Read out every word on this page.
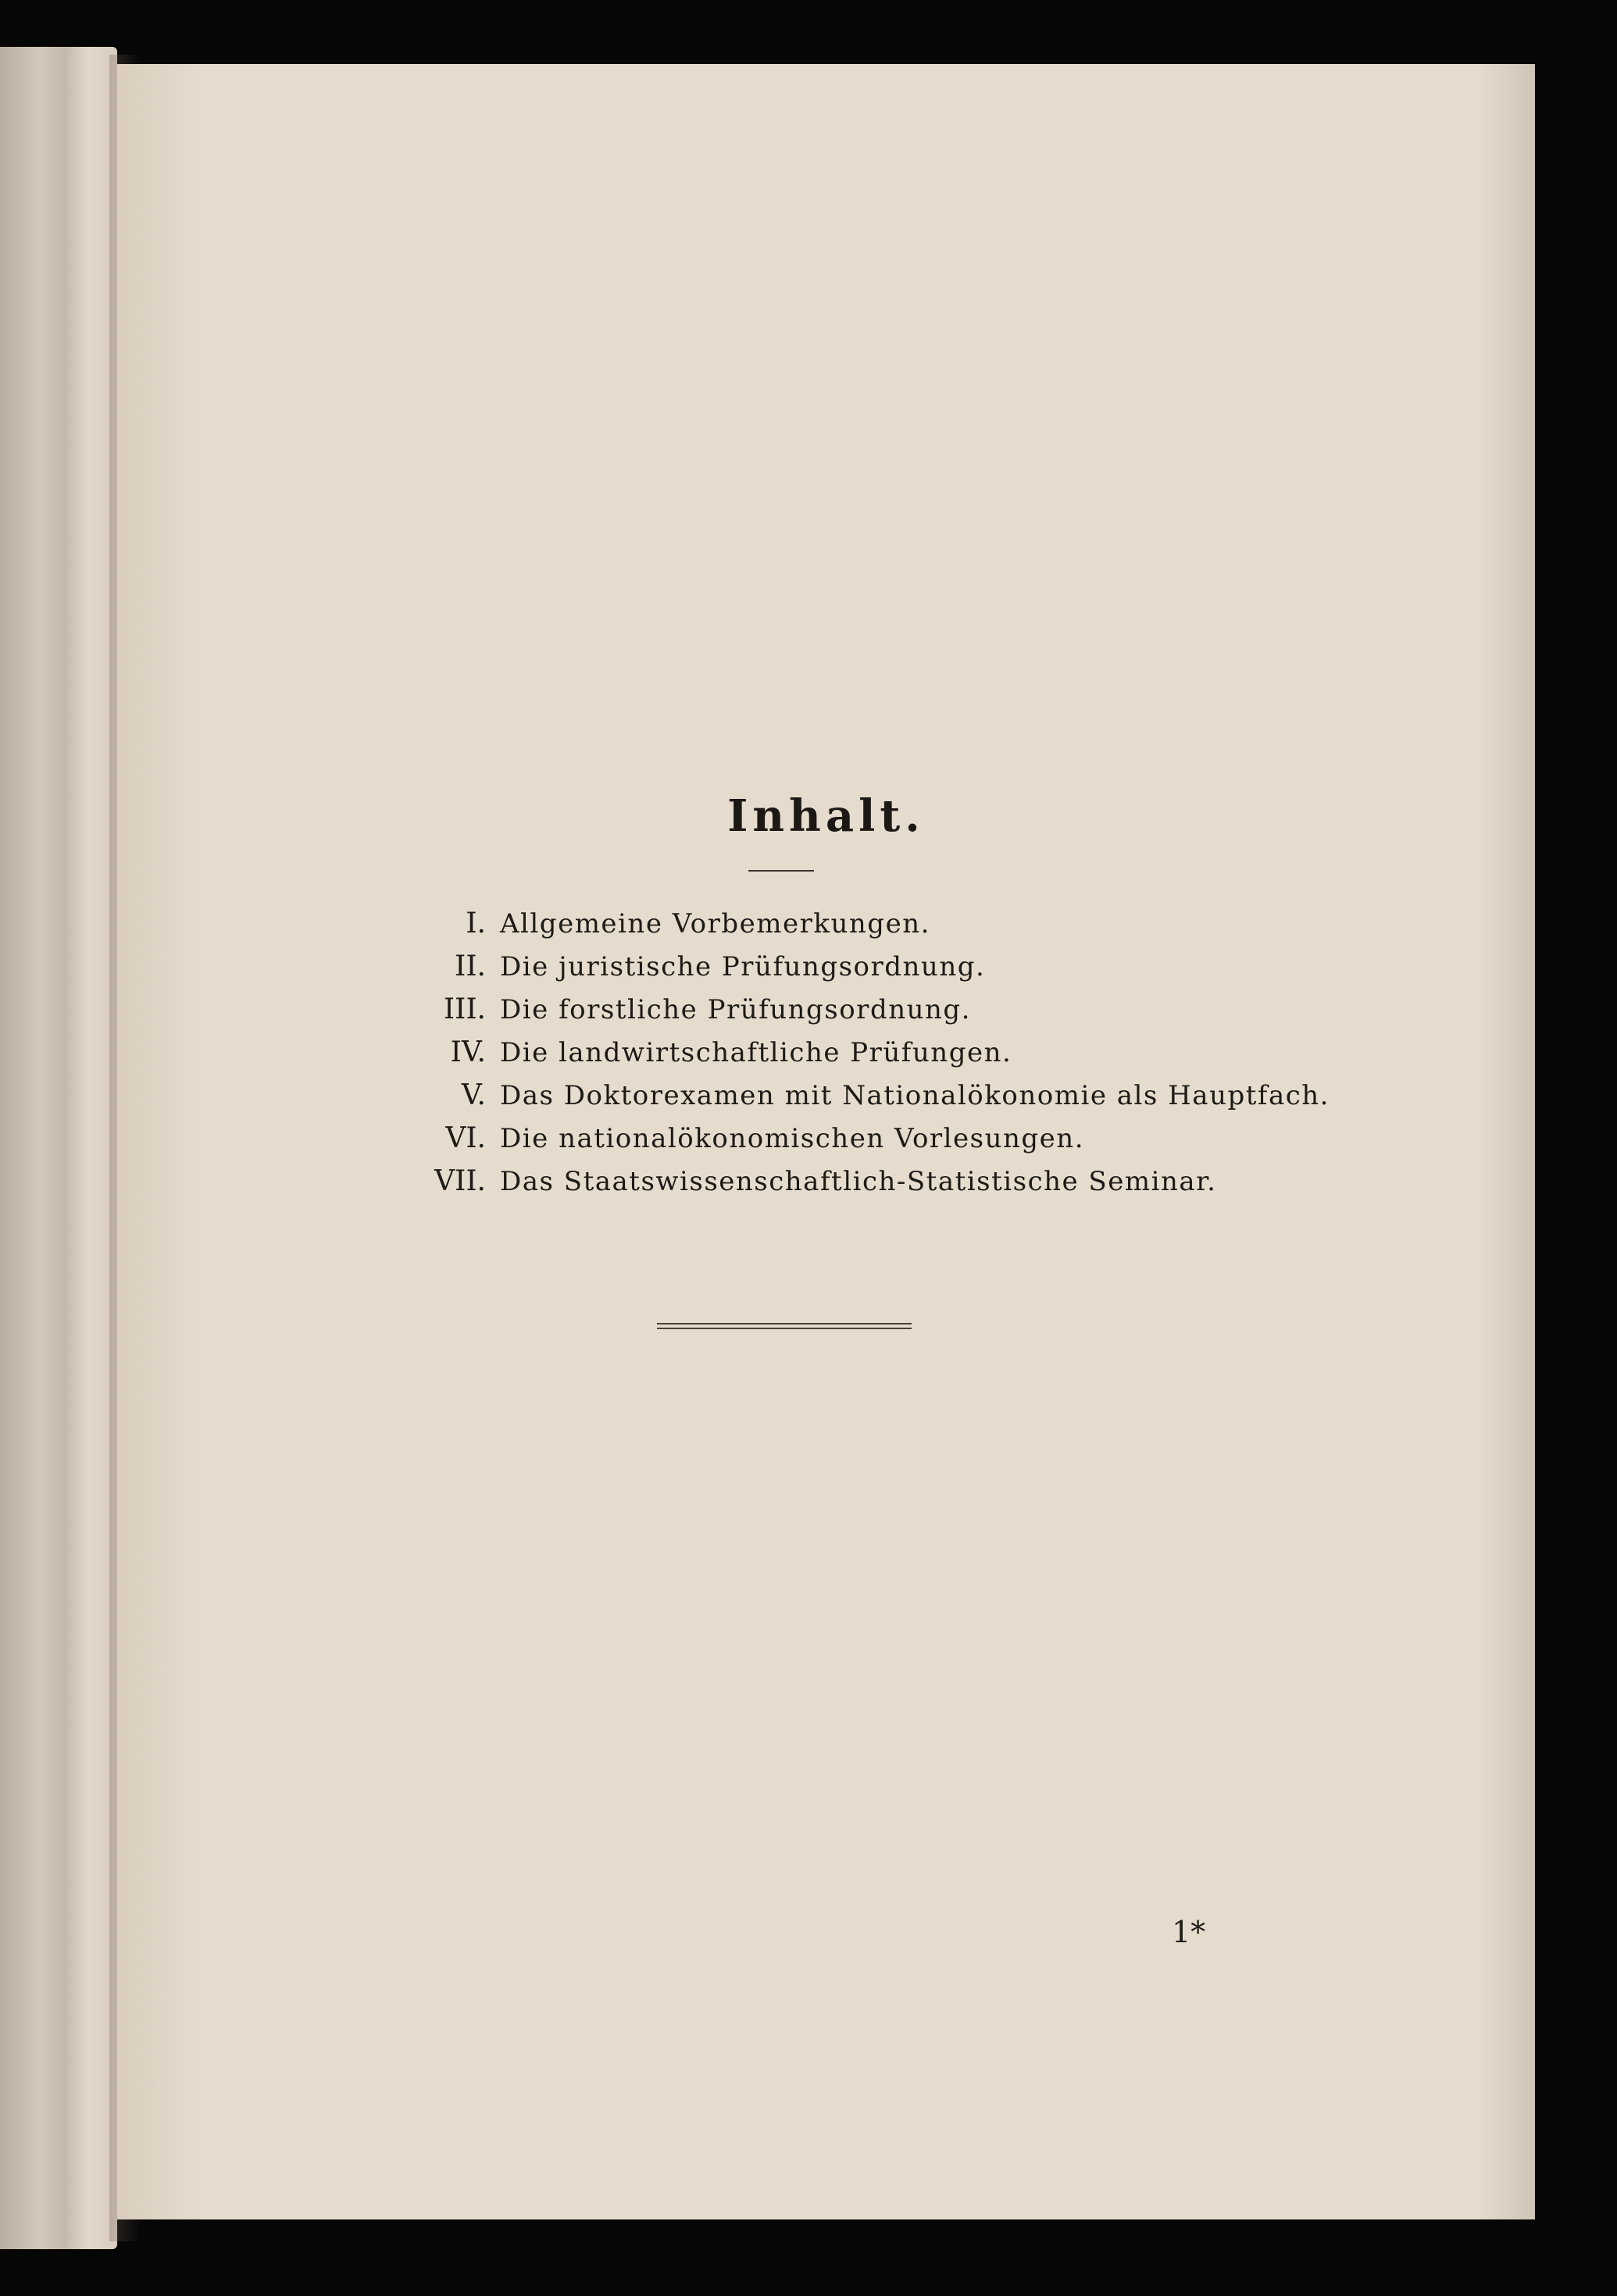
Inhalt.
I. Allgemeine Vorbemerkungen.
II. Die juristische Prüfungsordnung.
III. Die forstliche Prüfungsordnung.
IV. Die landwirtschaftliche Prüfungen.
V. Das Doktorexamen mit Nationalökonomie als Hauptfach.
VI. Die nationalökonomischen Vorlesungen.
VII. Das Staatswissenschaftlich-Statistische Seminar.
1*
